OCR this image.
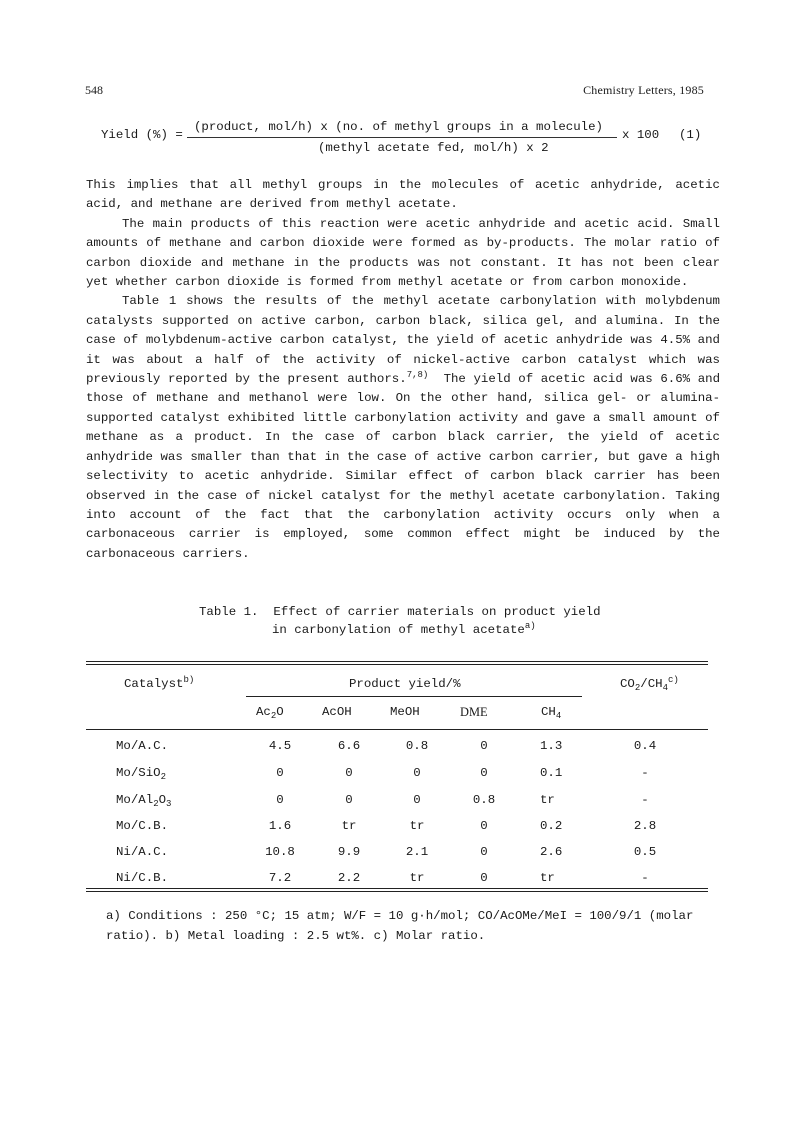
548	Chemistry Letters, 1985
Yield (%) =
(product, mol/h) x (no. of methyl groups in a molecule)
(methyl acetate fed, mol/h) x 2
x 100 (1)

This implies that all methyl groups in the molecules of acetic anhydride, acetic acid, and methane are derived from methyl acetate.

The main products of this reaction were acetic anhydride and acetic acid. Small amounts of methane and carbon dioxide were formed as by-products. The molar ratio of carbon dioxide and methane in the products was not constant. It has not been clear yet whether carbon dioxide is formed from methyl acetate or from carbon monoxide.

Table 1 shows the results of the methyl acetate carbonylation with molybdenum catalysts supported on active carbon, carbon black, silica gel, and alumina. In the case of molybdenum-active carbon catalyst, the yield of acetic anhydride was 4.5% and it was about a half of the activity of nickel-active carbon catalyst which was previously reported by the present authors.$^{7,8)}$ The yield of acetic acid was 6.6% and those of methane and methanol were low. On the other hand, silica gel- or alumina-supported catalyst exhibited little carbonylation activity and gave a small amount of methane as a product. In the case of carbon black carrier, the yield of acetic anhydride was smaller than that in the case of active carbon carrier, but gave a high selectivity to acetic anhydride. Similar effect of carbon black carrier has been observed in the case of nickel catalyst for the methyl acetate carbonylation. Taking into account of the fact that the carbonylation activity occurs only when a carbonaceous carrier is employed, some common effect might be induced by the carbonaceous carriers.

Table 1.  Effect of carrier materials on product yield
in carbonylation of methyl acetate$^{a)}$
Catalyst$^{b)}$	Product yield/%	$CO_2/CH_4^{c)}$
$Ac_2O$	AcOH	MeOH	DME	$CH_4$
Mo/A.C.	4.5	6.6	0.8	0	1.3	0.4
Mo/SiO$_2$	0	0	0	0	0.1	-
$Mo/Al_2O_3$	0	0	0	0.8	tr	-
Mo/C.B.	1.6	tr	tr	0	0.2	2.8
Ni/A.C.	10.8	9.9	2.1	0	2.6	0.5
Ni/C.B.	7.2	2.2	tr	0	tr	-
a) Conditions : 250 °C; 15 atm; W/F = 10 g·h/mol; CO/AcOMe/MeI = 100/9/1 (molar
ratio). b) Metal loading : 2.5 wt%. c) Molar ratio.
